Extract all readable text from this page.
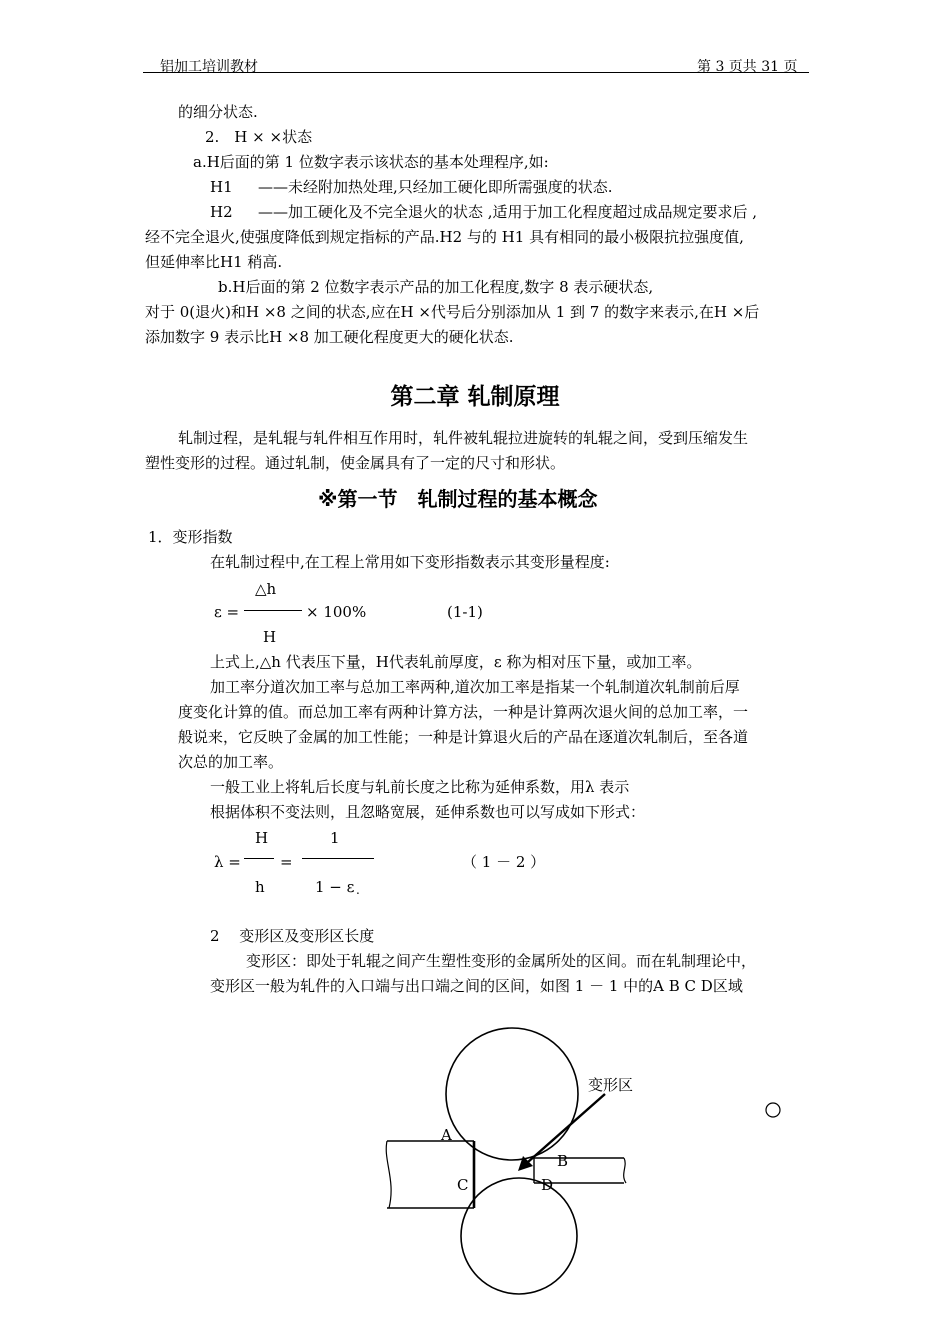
铝加工培训教材	第 3 页共 31 页
的细分状态.
2.　H × ×状态
a.H后面的第 1 位数字表示该状态的基本处理程序,如:
H1 ——未经附加热处理,只经加工硬化即所需强度的状态.
H2 ——加工硬化及不完全退火的状态 ,适用于加工化程度超过成品规定要求后 ,
经不完全退火,使强度降低到规定指标的产品.H2 与的 H1 具有相同的最小极限抗拉强度值,
但延伸率比H1 稍高.
b.H后面的第 2 位数字表示产品的加工化程度,数字 8 表示硬状态,
对于 0(退火)和H ×8 之间的状态,应在H ×代号后分别添加从 1 到 7 的数字来表示,在H ×后
添加数字 9 表示比H ×8 加工硬化程度更大的硬化状态.
第二章 轧制原理
轧制过程，是轧辊与轧件相互作用时，轧件被轧辊拉进旋转的轧辊之间，受到压缩发生
塑性变形的过程。通过轧制，使金属具有了一定的尺寸和形状。
※第一节　轧制过程的基本概念
1．变形指数
在轧制过程中,在工程上常用如下变形指数表示其变形量程度:
△h
ε =	× 100%	(1-1)
H
上式上,△h 代表压下量，H代表轧前厚度，ε 称为相对压下量，或加工率。
加工率分道次加工率与总加工率两种,道次加工率是指某一个轧制道次轧制前后厚
度变化计算的值。而总加工率有两种计算方法，一种是计算两次退火间的总加工率，一
般说来，它反映了金属的加工性能；一种是计算退火后的产品在逐道次轧制后，至各道
次总的加工率。
一般工业上将轧后长度与轧前长度之比称为延伸系数，用λ 表示
根据体积不变法则，且忽略宽展，延伸系数也可以写成如下形式：
H	1
λ =	=	（ 1 － 2 ）
h	1 − ε .
2　 变形区及变形区长度
变形区：即处于轧辊之间产生塑性变形的金属所处的区间。而在轧制理论中，
变形区一般为轧件的入口端与出口端之间的区间，如图 1 － 1 中的A B C D区域
变形区
A
B
C	D
